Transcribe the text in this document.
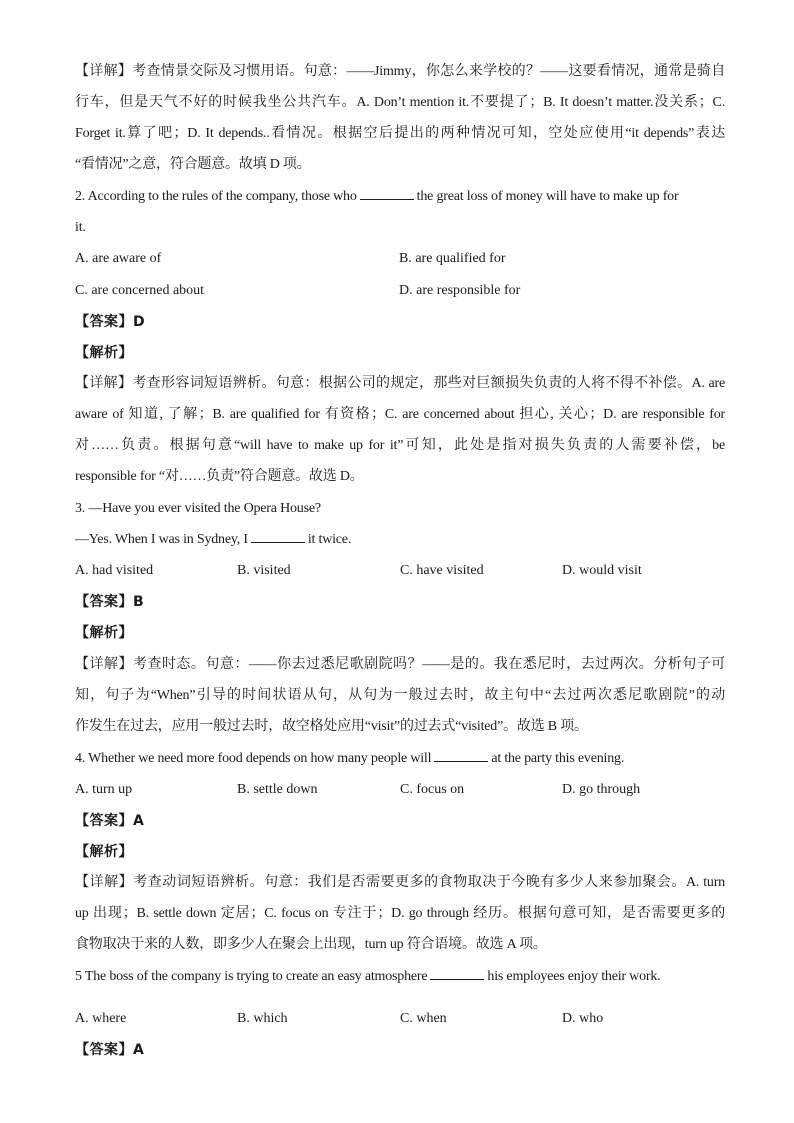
【详解】考查情景交际及习惯用语。句意：——Jimmy，你怎么来学校的？——这要看情况，通常是骑自
行车，但是天气不好的时候我坐公共汽车。A. Don’t mention it.不要提了；B. It doesn’t matter.没关系；C.
Forget it.算了吧；D. It depends..看情况。根据空后提出的两种情况可知，空处应使用“it depends”表达
“看情况”之意，符合题意。故填 D 项。
2. According to the rules of the company, those who	the great loss of money will have to make up for
it.
A. are aware of	B. are qualified for
C. are concerned about	D. are responsible for
【答案】D
【解析】
【详解】考查形容词短语辨析。句意：根据公司的规定，那些对巨额损失负责的人将不得不补偿。A. are
aware of 知道, 了解；B. are qualified for 有资格；C. are concerned about 担心, 关心；D. are responsible for
对……负责。根据句意“will have to make up for it”可知，此处是指对损失负责的人需要补偿，be
responsible for “对……负责”符合题意。故选 D。
3. —Have you ever visited the Opera House?
—Yes. When I was in Sydney, I	it twice.
A. had visited	B. visited	C. have visited	D. would visit
【答案】B
【解析】
【详解】考查时态。句意：——你去过悉尼歌剧院吗？——是的。我在悉尼时，去过两次。分析句子可
知，句子为“When”引导的时间状语从句，从句为一般过去时，故主句中“去过两次悉尼歌剧院”的动
作发生在过去，应用一般过去时，故空格处应用“visit”的过去式“visited”。故选 B 项。
4. Whether we need more food depends on how many people will	at the party this evening.
A. turn up	B. settle down	C. focus on	D. go through
【答案】A
【解析】
【详解】考查动词短语辨析。句意：我们是否需要更多的食物取决于今晚有多少人来参加聚会。A. turn
up 出现；B. settle down 定居；C. focus on 专注于；D. go through 经历。根据句意可知，是否需要更多的
食物取决于来的人数，即多少人在聚会上出现，turn up 符合语境。故选 A 项。
5 The boss of the company is trying to create an easy atmosphere	his employees enjoy their work.
A. where	B. which	C. when	D. who
【答案】A
